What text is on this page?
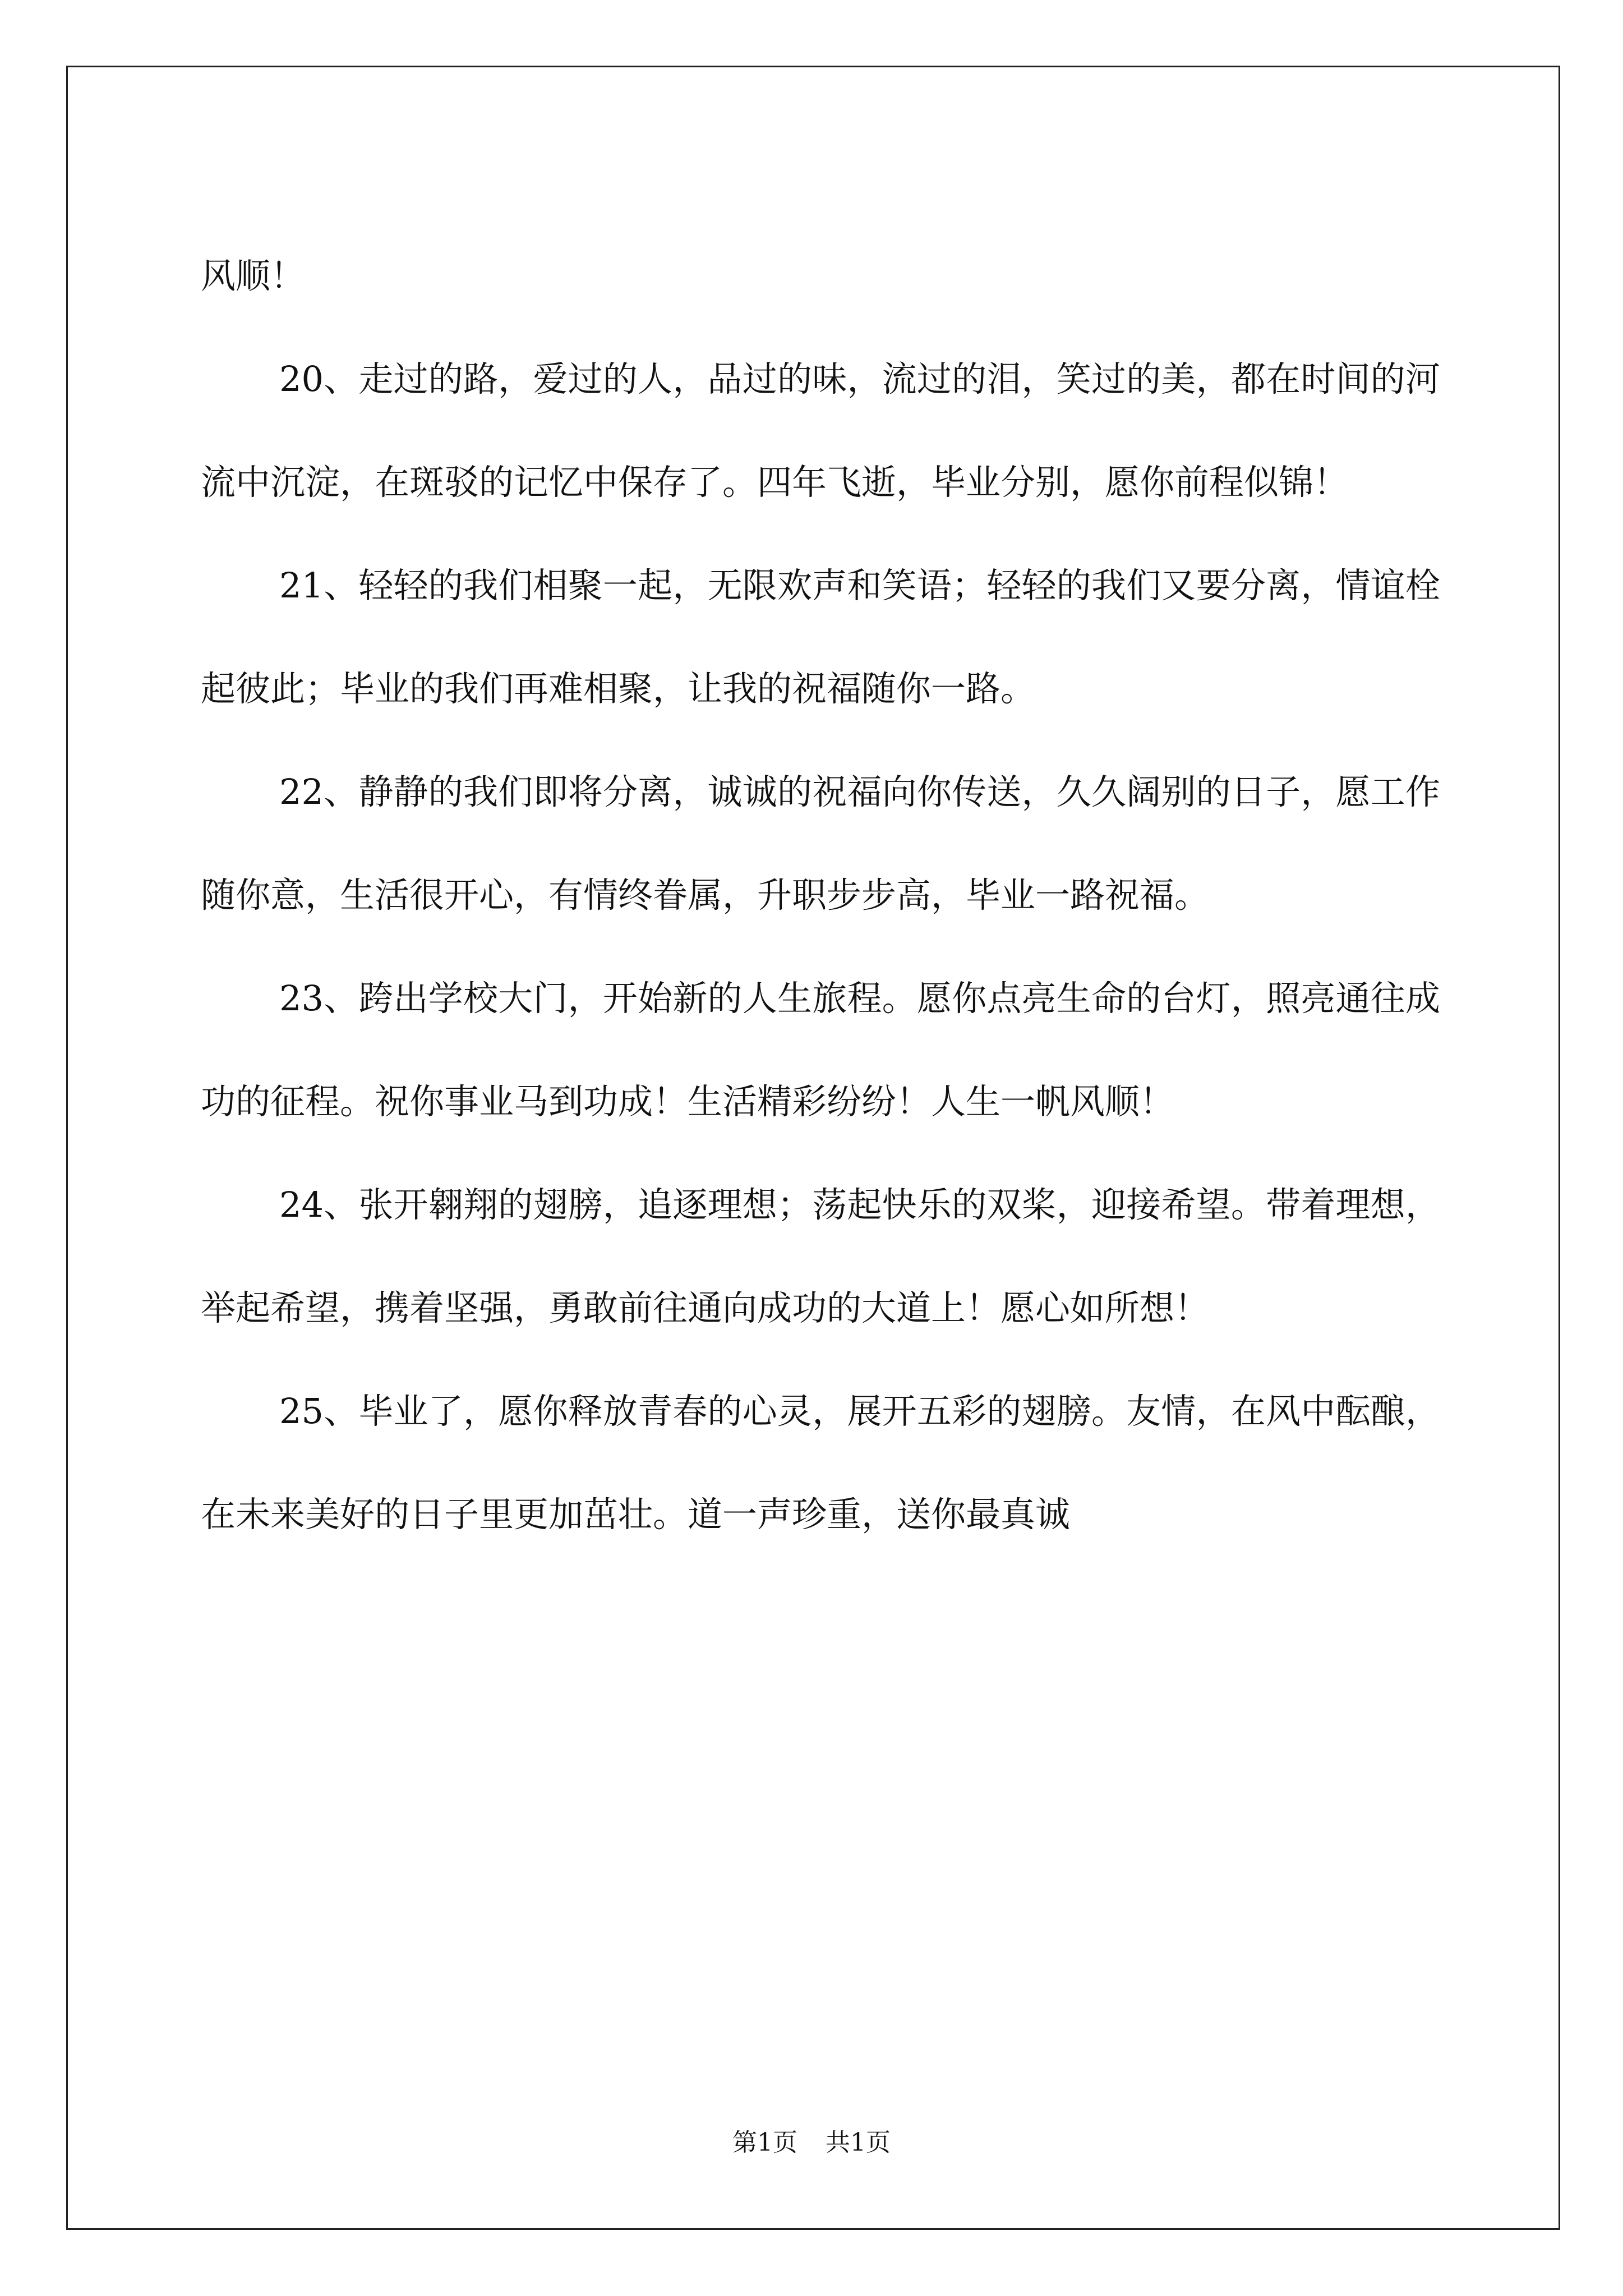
风顺！

20、走过的路，爱过的人，品过的味，流过的泪，笑过的美，都在时间的河流中沉淀，在斑驳的记忆中保存了。四年飞逝，毕业分别，愿你前程似锦！

21、轻轻的我们相聚一起，无限欢声和笑语；轻轻的我们又要分离，情谊栓起彼此；毕业的我们再难相聚，让我的祝福随你一路。

22、静静的我们即将分离，诚诚的祝福向你传送，久久阔别的日子，愿工作随你意，生活很开心，有情终眷属，升职步步高，毕业一路祝福。

23、跨出学校大门，开始新的人生旅程。愿你点亮生命的台灯，照亮通往成功的征程。祝你事业马到功成！生活精彩纷纷！人生一帆风顺！

24、张开翱翔的翅膀，追逐理想；荡起快乐的双桨，迎接希望。带着理想，举起希望，携着坚强，勇敢前往通向成功的大道上！愿心如所想！

25、毕业了，愿你释放青春的心灵，展开五彩的翅膀。友情，在风中酝酿，在未来美好的日子里更加茁壮。道一声珍重，送你最真诚

第1页 共1页
